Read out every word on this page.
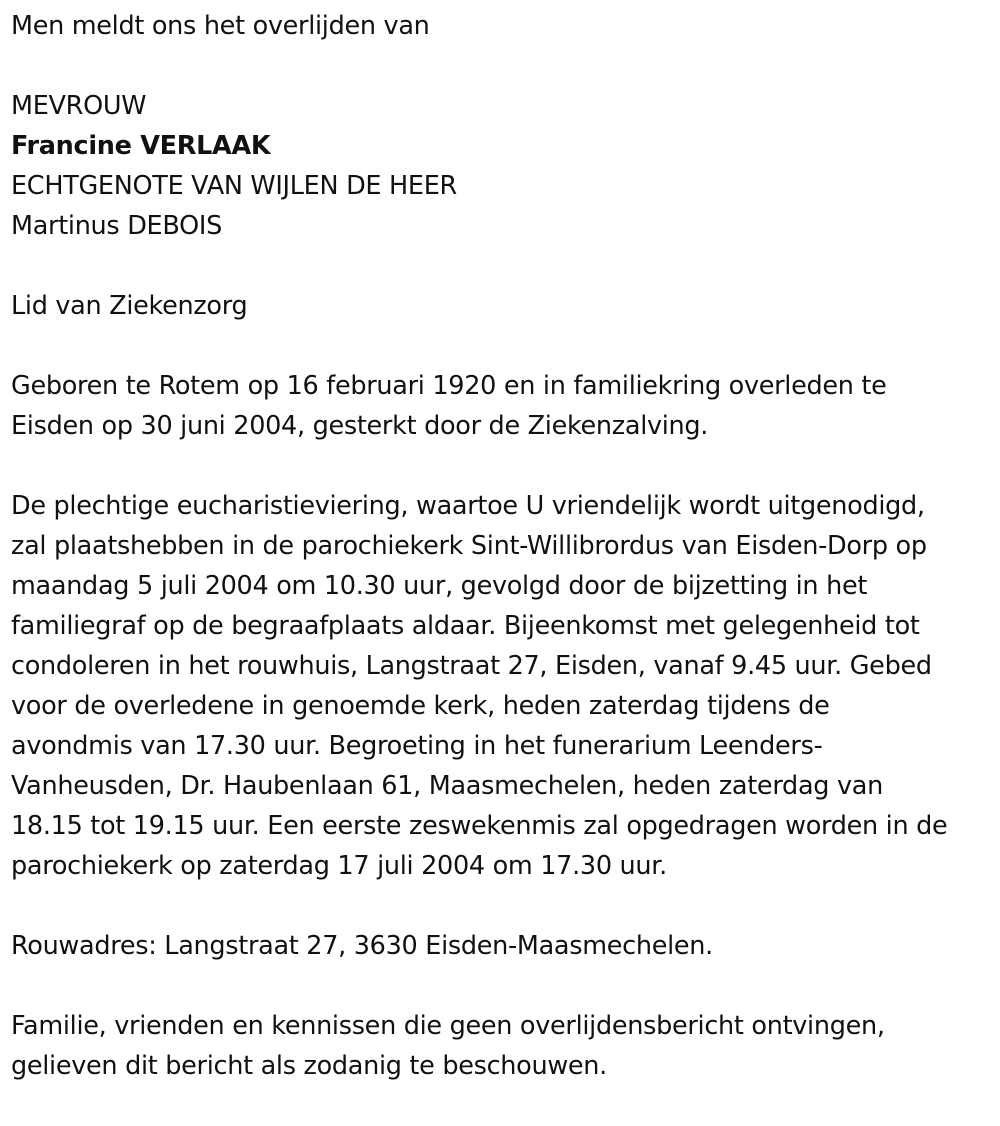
Men meldt ons het overlijden van
MEVROUW
Francine VERLAAK
ECHTGENOTE VAN WIJLEN DE HEER
Martinus DEBOIS
Lid van Ziekenzorg
Geboren te Rotem op 16 februari 1920 en in familiekring overleden te
Eisden op 30 juni 2004, gesterkt door de Ziekenzalving.
De plechtige eucharistieviering, waartoe U vriendelijk wordt uitgenodigd,
zal plaatshebben in de parochiekerk Sint-Willibrordus van Eisden-Dorp op
maandag 5 juli 2004 om 10.30 uur, gevolgd door de bijzetting in het
familiegraf op de begraafplaats aldaar. Bijeenkomst met gelegenheid tot
condoleren in het rouwhuis, Langstraat 27, Eisden, vanaf 9.45 uur. Gebed
voor de overledene in genoemde kerk, heden zaterdag tijdens de
avondmis van 17.30 uur. Begroeting in het funerarium Leenders-
Vanheusden, Dr. Haubenlaan 61, Maasmechelen, heden zaterdag van
18.15 tot 19.15 uur. Een eerste zeswekenmis zal opgedragen worden in de
parochiekerk op zaterdag 17 juli 2004 om 17.30 uur.
Rouwadres: Langstraat 27, 3630 Eisden-Maasmechelen.
Familie, vrienden en kennissen die geen overlijdensbericht ontvingen,
gelieven dit bericht als zodanig te beschouwen.
